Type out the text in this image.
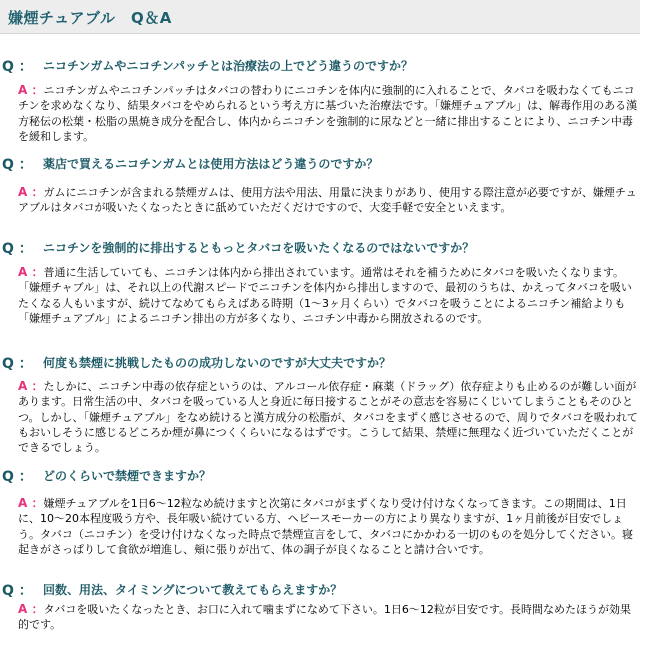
嫌煙チュアブル　Q＆A
Q ： ニコチンガムやニコチンパッチとは治療法の上でどう違うのですか？
A ：ニコチンガムやニコチンパッチはタバコの替わりにニコチンを体内に強制的に入れることで、タバコを吸わなくてもニコチンを求めなくなり、結果タバコをやめられるという考え方に基づいた治療法です。「嫌煙チュアブル」は、解毒作用のある漢方秘伝の松葉・松脂の黒焼き成分を配合し、体内からニコチンを強制的に尿などと一緒に排出することにより、ニコチン中毒を緩和します。
Q ： 薬店で買えるニコチンガムとは使用方法はどう違うのですか？
A ：ガムにニコチンが含まれる禁煙ガムは、使用方法や用法、用量に決まりがあり、使用する際注意が必要ですが、嫌煙チュアブルはタバコが吸いたくなったときに舐めていただくだけですので、大変手軽で安全といえます。
Q ： ニコチンを強制的に排出するともっとタバコを吸いたくなるのではないですか？
A ：普通に生活していても、ニコチンは体内から排出されています。通常はそれを補うためにタバコを吸いたくなります。「嫌煙チャブル」は、それ以上の代謝スピードでニコチンを体内から排出しますので、最初のうちは、かえってタバコを吸いたくなる人もいますが、続けてなめてもらえばある時期（1〜3ヶ月くらい）でタバコを吸うことによるニコチン補給よりも「嫌煙チュアブル」によるニコチン排出の方が多くなり、ニコチン中毒から開放されるのです。
Q ： 何度も禁煙に挑戦したものの成功しないのですが大丈夫ですか？
A ：たしかに、ニコチン中毒の依存症というのは、アルコール依存症・麻薬（ドラッグ）依存症よりも止めるのが難しい面があります。日常生活の中、タバコを吸っている人と身近に毎日接することがその意志を容易にくじいてしまうこともそのひとつ。しかし、「嫌煙チュアブル」をなめ続けると漢方成分の松脂が、タバコをまずく感じさせるので、周りでタバコを吸われてもおいしそうに感じるどころか煙が鼻につくくらいになるはずです。こうして結果、禁煙に無理なく近づいていただくことができるでしょう。
Q ： どのくらいで禁煙できますか？
A ：嫌煙チュアブルを1日6〜12粒なめ続けますと次第にタバコがまずくなり受け付けなくなってきます。この期間は、1日に、10〜20本程度吸う方や、長年吸い続けている方、ヘビースモーカーの方により異なりますが、1ヶ月前後が目安でしょう。タバコ（ニコチン）を受け付けなくなった時点で禁煙宣言をして、タバコにかかわる一切のものを処分してください。寝起きがさっぱりして食欲が増進し、頬に張りが出て、体の調子が良くなることと請け合いです。
Q ： 回数、用法、タイミングについて教えてもらえますか？
A ：タバコを吸いたくなったとき、お口に入れて噛まずになめて下さい。1日6〜12粒が目安です。長時間なめたほうが効果的です。
